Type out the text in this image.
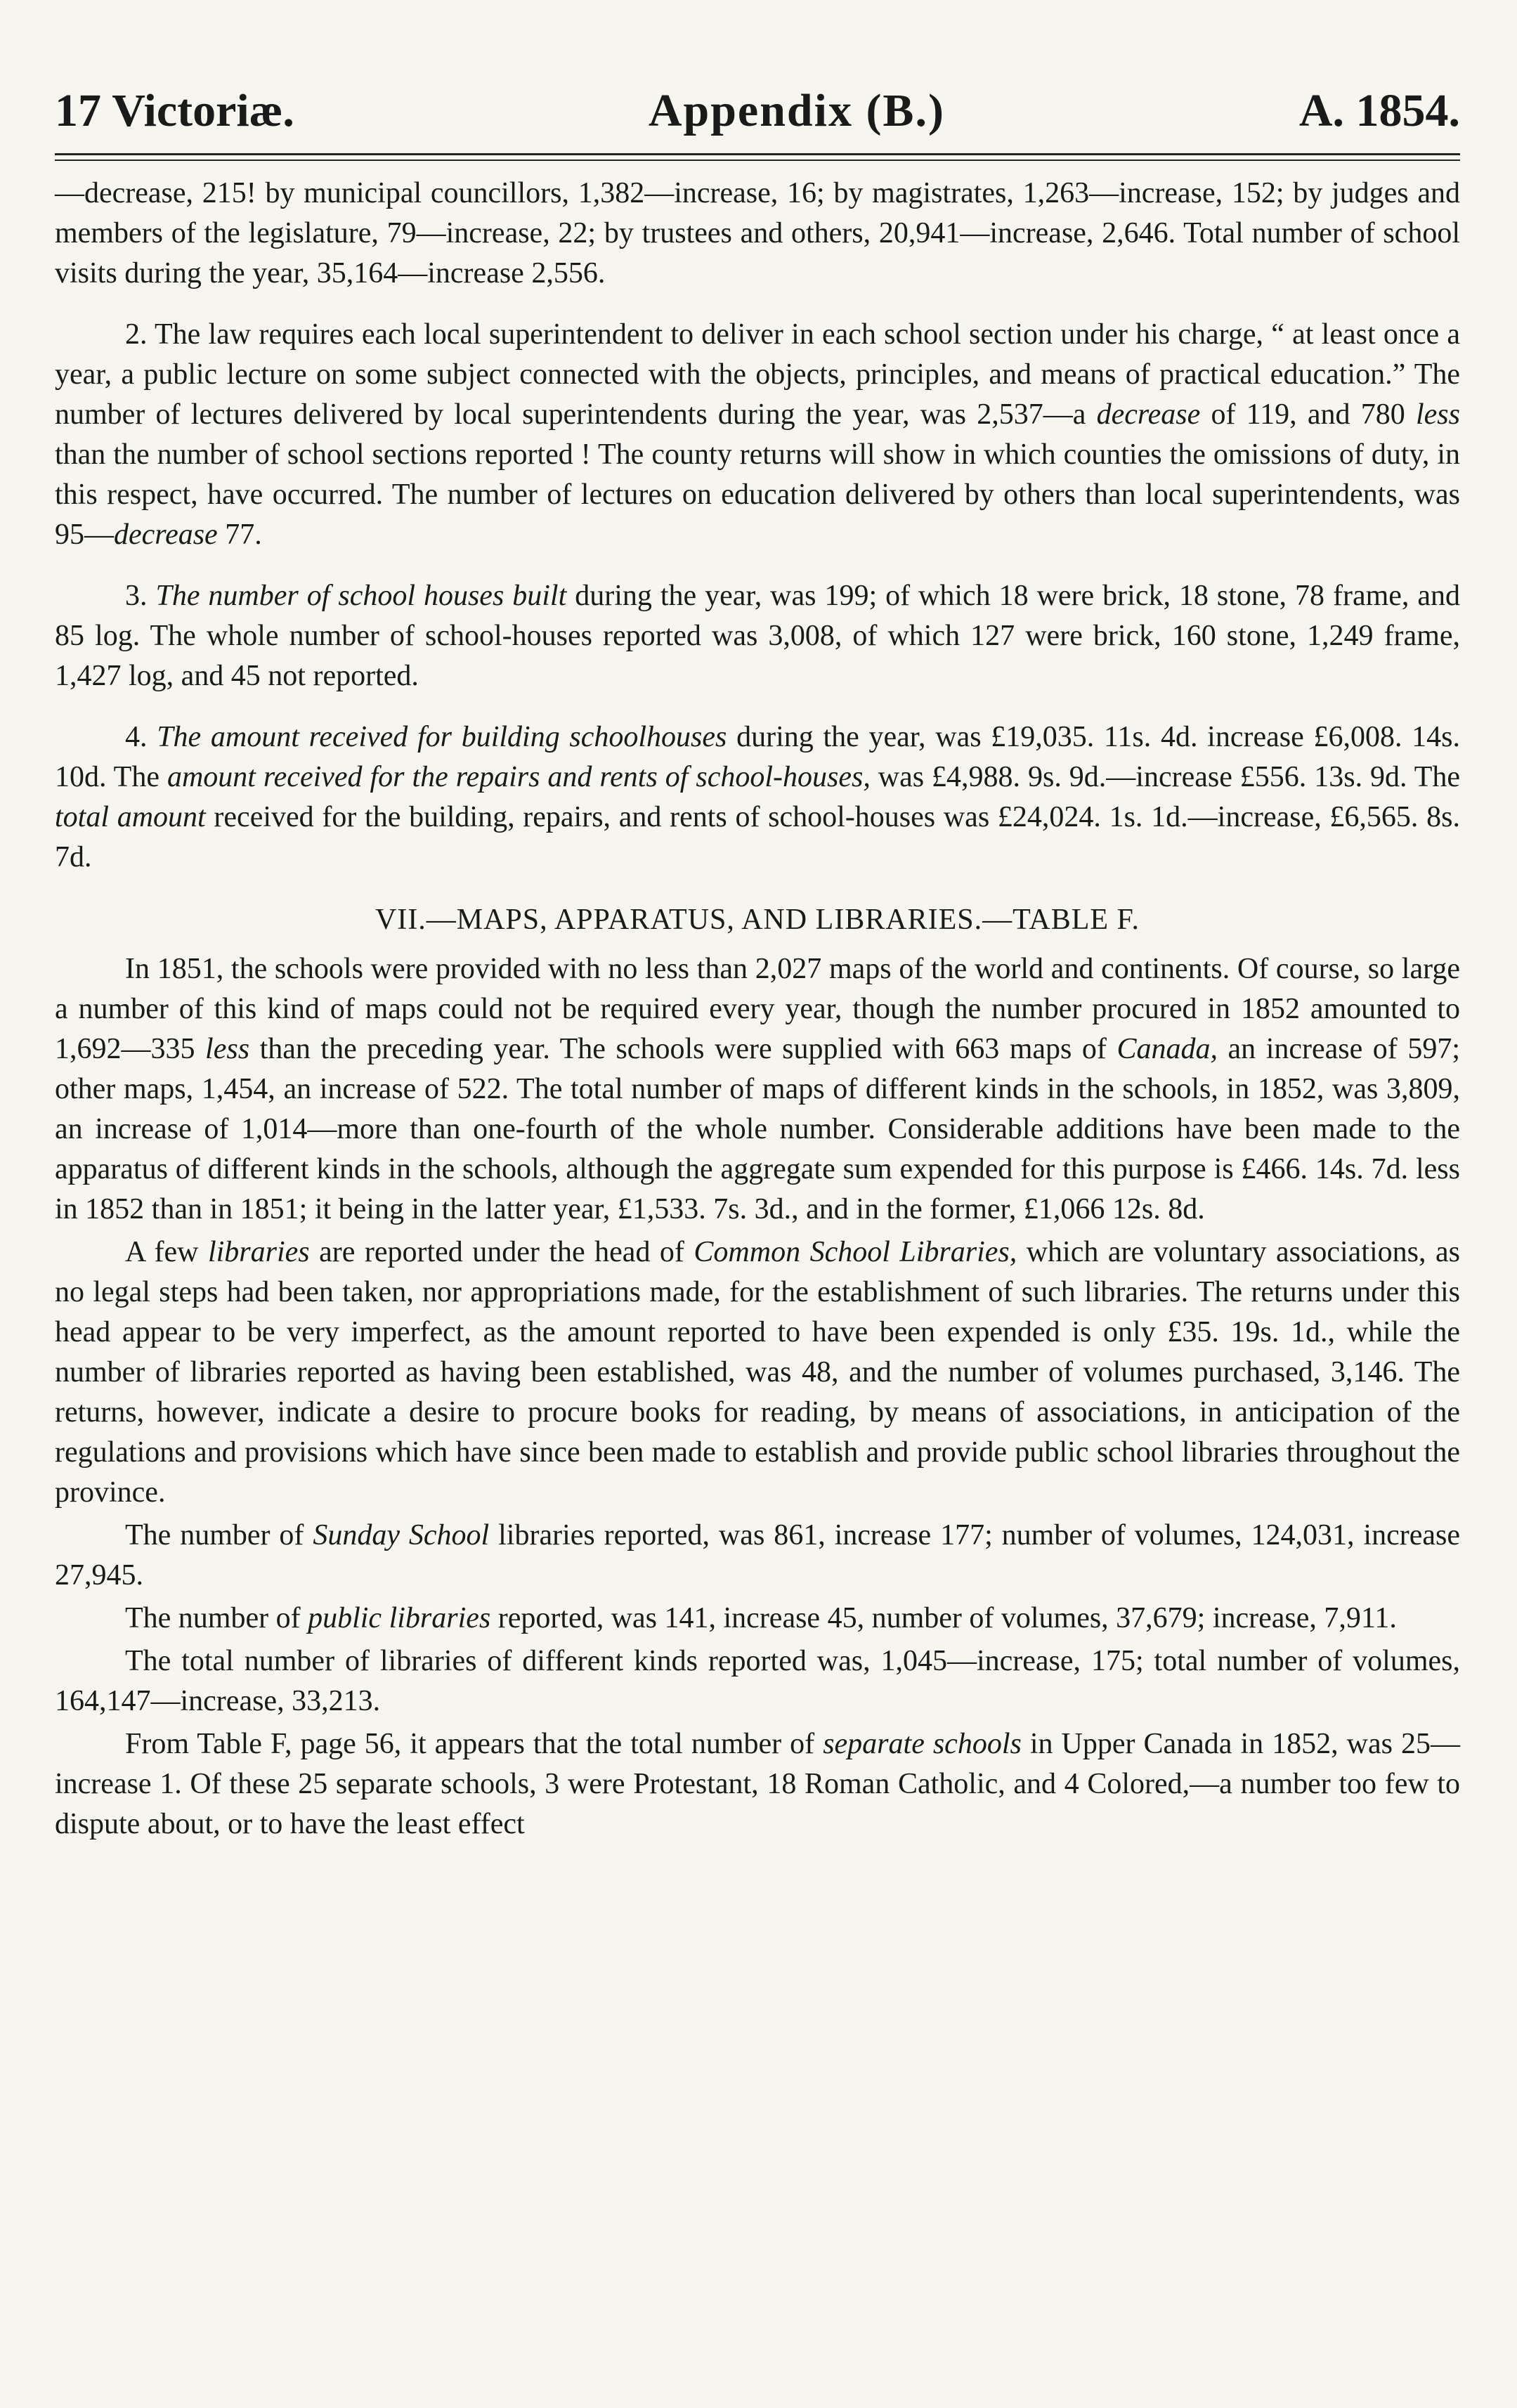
17 Victoriæ.	Appendix (B.)	A. 1854.

—decrease, 215! by municipal councillors, 1,382—increase, 16; by magistrates, 1,263—increase, 152; by judges and members of the legislature, 79—increase, 22; by trustees and others, 20,941—increase, 2,646. Total number of school visits during the year, 35,164—increase 2,556.

2. The law requires each local superintendent to deliver in each school section under his charge, “ at least once a year, a public lecture on some subject connected with the objects, principles, and means of practical education.” The number of lectures delivered by local superintendents during the year, was 2,537—a decrease of 119, and 780 less than the number of school sections reported ! The county returns will show in which counties the omissions of duty, in this respect, have occurred. The number of lectures on education delivered by others than local superintendents, was 95—decrease 77.

3. The number of school houses built during the year, was 199; of which 18 were brick, 18 stone, 78 frame, and 85 log. The whole number of school-houses reported was 3,008, of which 127 were brick, 160 stone, 1,249 frame, 1,427 log, and 45 not reported.

4. The amount received for building schoolhouses during the year, was £19,035. 11s. 4d. increase £6,008. 14s. 10d. The amount received for the repairs and rents of school-houses, was £4,988. 9s. 9d.—increase £556. 13s. 9d. The total amount received for the building, repairs, and rents of school-houses was £24,024. 1s. 1d.—increase, £6,565. 8s. 7d.

VII.—MAPS, APPARATUS, AND LIBRARIES.—TABLE F.

In 1851, the schools were provided with no less than 2,027 maps of the world and continents. Of course, so large a number of this kind of maps could not be required every year, though the number procured in 1852 amounted to 1,692—335 less than the preceding year. The schools were supplied with 663 maps of Canada, an increase of 597; other maps, 1,454, an increase of 522. The total number of maps of different kinds in the schools, in 1852, was 3,809, an increase of 1,014—more than one-fourth of the whole number. Considerable additions have been made to the apparatus of different kinds in the schools, although the aggregate sum expended for this purpose is £466. 14s. 7d. less in 1852 than in 1851; it being in the latter year, £1,533. 7s. 3d., and in the former, £1,066 12s. 8d.

A few libraries are reported under the head of Common School Libraries, which are voluntary associations, as no legal steps had been taken, nor appropriations made, for the establishment of such libraries. The returns under this head appear to be very imperfect, as the amount reported to have been expended is only £35. 19s. 1d., while the number of libraries reported as having been established, was 48, and the number of volumes purchased, 3,146. The returns, however, indicate a desire to procure books for reading, by means of associations, in anticipation of the regulations and provisions which have since been made to establish and provide public school libraries throughout the province.

The number of Sunday School libraries reported, was 861, increase 177; number of volumes, 124,031, increase 27,945.

The number of public libraries reported, was 141, increase 45, number of volumes, 37,679; increase, 7,911.

The total number of libraries of different kinds reported was, 1,045—increase, 175; total number of volumes, 164,147—increase, 33,213.

From Table F, page 56, it appears that the total number of separate schools in Upper Canada in 1852, was 25—increase 1. Of these 25 separate schools, 3 were Protestant, 18 Roman Catholic, and 4 Colored,—a number too few to dispute about, or to have the least effect
